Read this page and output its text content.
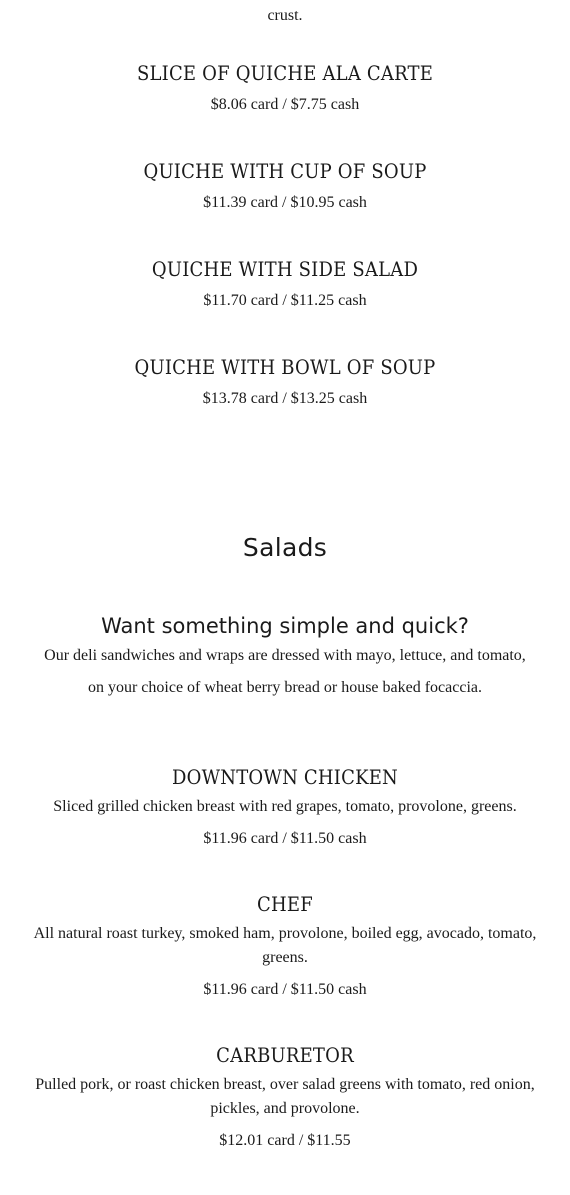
crust.
SLICE OF QUICHE ALA CARTE

$8.06 card / $7.75 cash

QUICHE WITH CUP OF SOUP

$11.39 card / $10.95 cash

QUICHE WITH SIDE SALAD

$11.70 card / $11.25 cash

QUICHE WITH BOWL OF SOUP

$13.78 card / $13.25 cash

Salads
Want something simple and quick?

Our deli sandwiches and wraps are dressed with mayo, lettuce, and tomato,

on your choice of wheat berry bread or house baked focaccia.

DOWNTOWN CHICKEN

Sliced grilled chicken breast with red grapes, tomato, provolone, greens.

$11.96 card / $11.50 cash

CHEF

All natural roast turkey, smoked ham, provolone, boiled egg, avocado, tomato, greens.

$11.96 card / $11.50 cash

CARBURETOR

Pulled pork, or roast chicken breast, over salad greens with tomato, red onion, pickles, and provolone.

$12.01 card / $11.55
